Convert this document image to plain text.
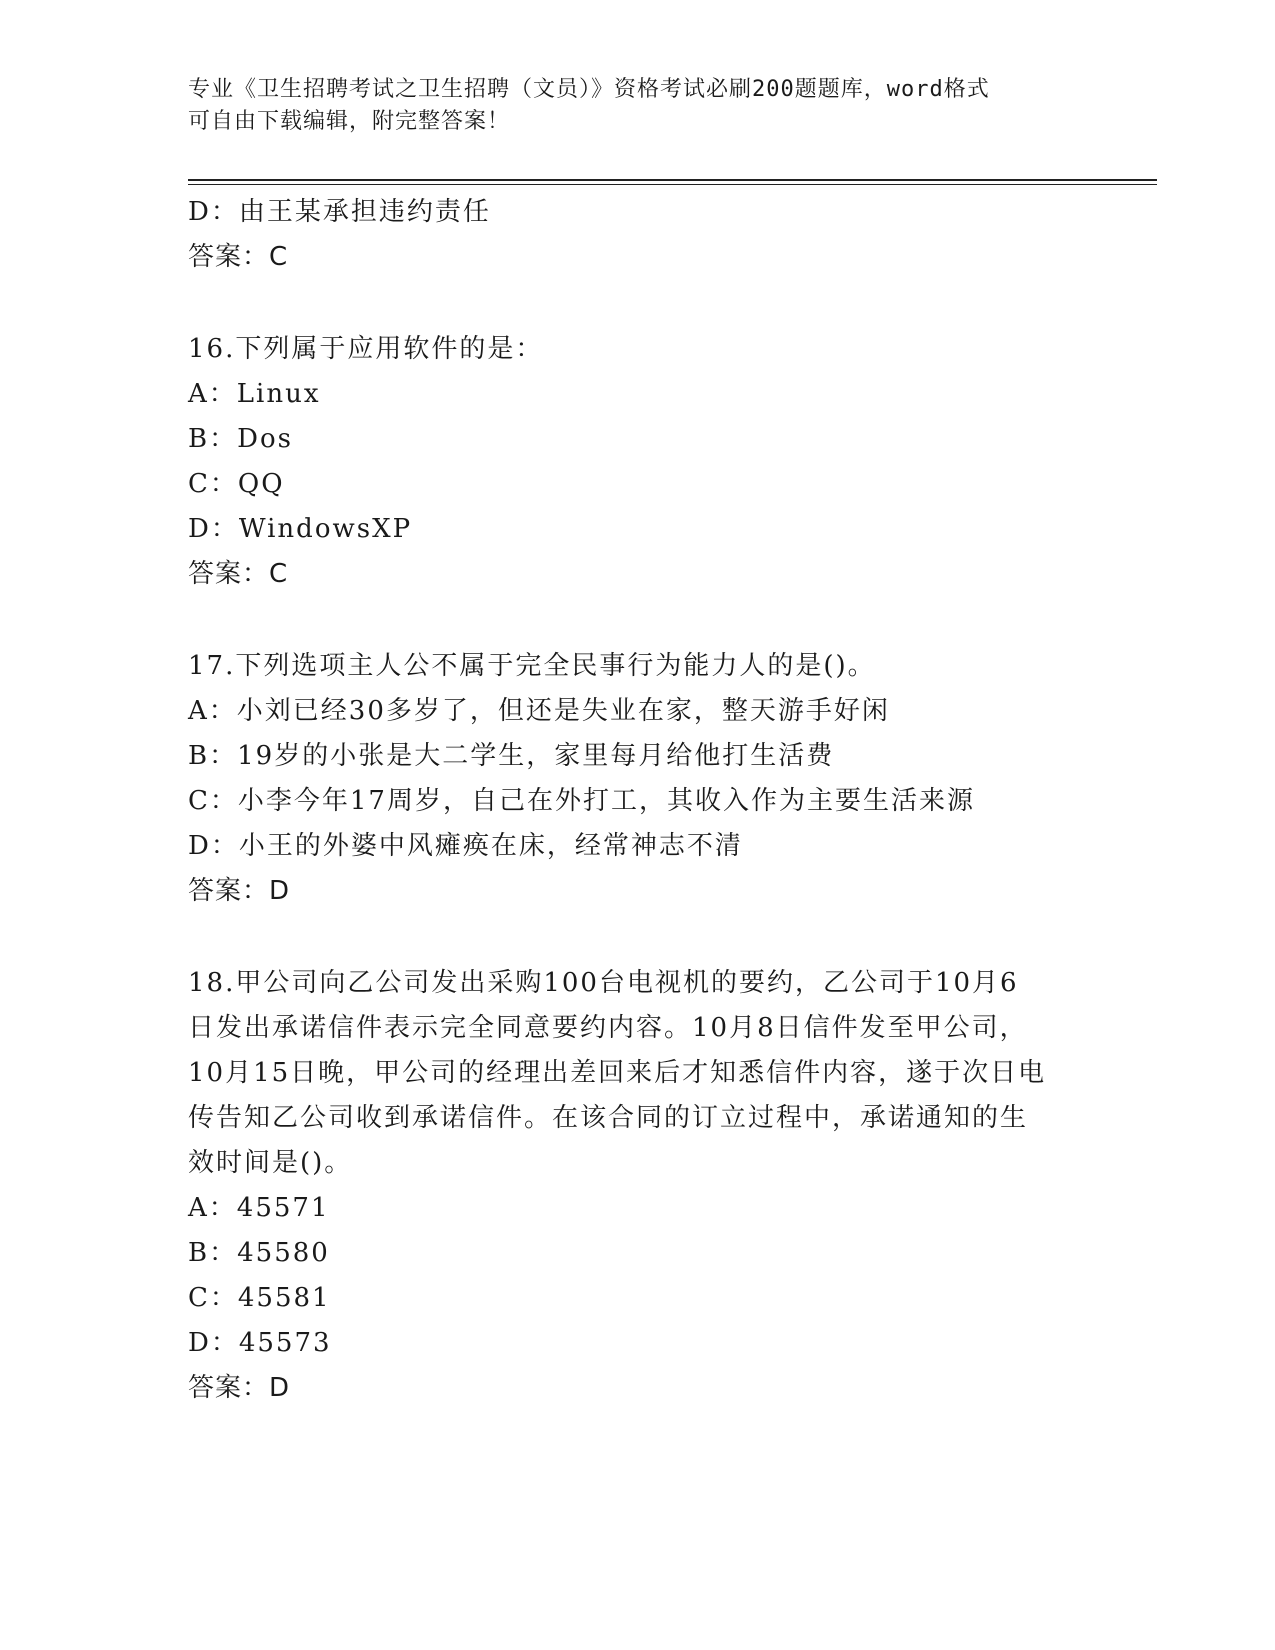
专业《卫生招聘考试之卫生招聘（文员）》资格考试必刷200题题库，word格式
可自由下载编辑，附完整答案！
D：由王某承担违约责任
答案：C
16.下列属于应用软件的是：
A：Linux
B：Dos
C：QQ
D：WindowsXP
答案：C
17.下列选项主人公不属于完全民事行为能力人的是()。
A：小刘已经30多岁了，但还是失业在家，整天游手好闲
B：19岁的小张是大二学生，家里每月给他打生活费
C：小李今年17周岁，自己在外打工，其收入作为主要生活来源
D：小王的外婆中风瘫痪在床，经常神志不清
答案：D
18.甲公司向乙公司发出采购100台电视机的要约，乙公司于10月6
日发出承诺信件表示完全同意要约内容。10月8日信件发至甲公司，
10月15日晚，甲公司的经理出差回来后才知悉信件内容，遂于次日电
传告知乙公司收到承诺信件。在该合同的订立过程中，承诺通知的生
效时间是()。
A：45571
B：45580
C：45581
D：45573
答案：D
